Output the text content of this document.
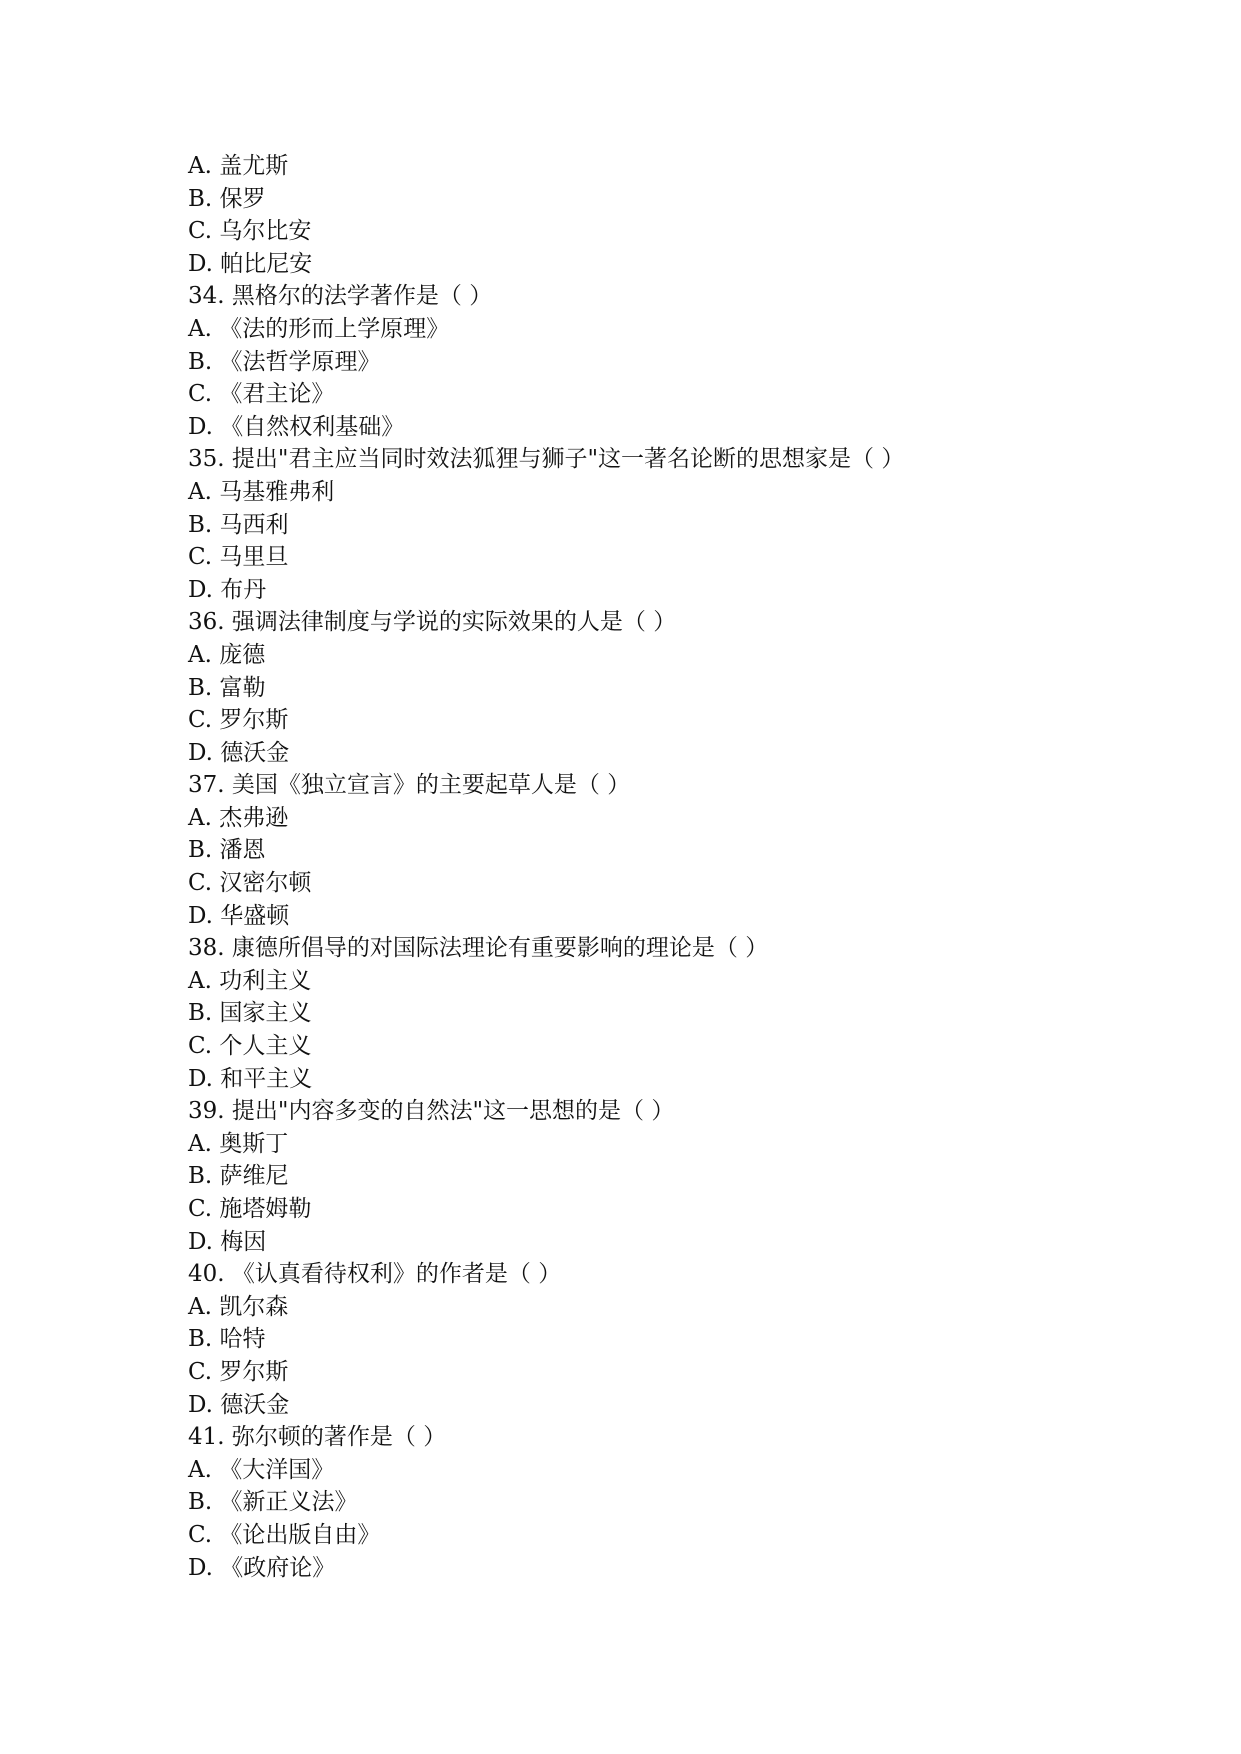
A. 盖尤斯
B. 保罗
C. 乌尔比安
D. 帕比尼安
34. 黑格尔的法学著作是（ ）
A. 《法的形而上学原理》
B. 《法哲学原理》
C. 《君主论》
D. 《自然权利基础》
35. 提出"君主应当同时效法狐狸与狮子"这一著名论断的思想家是（ ）
A. 马基雅弗利
B. 马西利
C. 马里旦
D. 布丹
36. 强调法律制度与学说的实际效果的人是（ ）
A. 庞德
B. 富勒
C. 罗尔斯
D. 德沃金
37. 美国《独立宣言》的主要起草人是（ ）
A. 杰弗逊
B. 潘恩
C. 汉密尔顿
D. 华盛顿
38. 康德所倡导的对国际法理论有重要影响的理论是（ ）
A. 功利主义
B. 国家主义
C. 个人主义
D. 和平主义
39. 提出"内容多变的自然法"这一思想的是（ ）
A. 奥斯丁
B. 萨维尼
C. 施塔姆勒
D. 梅因
40. 《认真看待权利》的作者是（ ）
A. 凯尔森
B. 哈特
C. 罗尔斯
D. 德沃金
41. 弥尔顿的著作是（ ）
A. 《大洋国》
B. 《新正义法》
C. 《论出版自由》
D. 《政府论》
